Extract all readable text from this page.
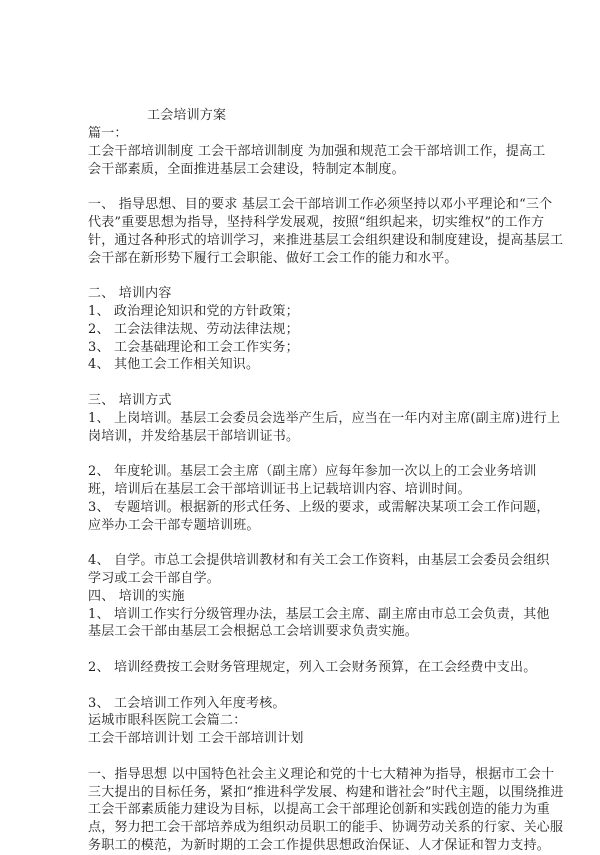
工会培训方案
篇一：
工会干部培训制度 工会干部培训制度 为加强和规范工会干部培训工作，提高工
会干部素质，全面推进基层工会建设，特制定本制度。
一、 指导思想、目的要求 基层工会干部培训工作必须坚持以邓小平理论和“三个
代表”重要思想为指导，坚持科学发展观，按照“组织起来，切实维权”的工作方
针，通过各种形式的培训学习，来推进基层工会组织建设和制度建设，提高基层工
会干部在新形势下履行工会职能、做好工会工作的能力和水平。
二、 培训内容
1、 政治理论知识和党的方针政策；
2、 工会法律法规、劳动法律法规；
3、 工会基础理论和工会工作实务；
4、 其他工会工作相关知识。
三、 培训方式
1、 上岗培训。基层工会委员会选举产生后，应当在一年内对主席(副主席)进行上
岗培训，并发给基层干部培训证书。
2、 年度轮训。基层工会主席（副主席）应每年参加一次以上的工会业务培训
班，培训后在基层工会干部培训证书上记载培训内容、培训时间。
3、 专题培训。根据新的形式任务、上级的要求，或需解决某项工会工作问题，
应举办工会干部专题培训班。
4、 自学。市总工会提供培训教材和有关工会工作资料，由基层工会委员会组织
学习或工会干部自学。
四、 培训的实施
1、 培训工作实行分级管理办法，基层工会主席、副主席由市总工会负责，其他
基层工会干部由基层工会根据总工会培训要求负责实施。
2、 培训经费按工会财务管理规定，列入工会财务预算，在工会经费中支出。
3、 工会培训工作列入年度考核。
运城市眼科医院工会篇二：
工会干部培训计划 工会干部培训计划
一、指导思想 以中国特色社会主义理论和党的十七大精神为指导，根据市工会十
三大提出的目标任务，紧扣“推进科学发展、构建和谐社会”时代主题，以围绕推进
工会干部素质能力建设为目标，以提高工会干部理论创新和实践创造的能力为重
点，努力把工会干部培养成为组织动员职工的能手、协调劳动关系的行家、关心服
务职工的模范，为新时期的工会工作提供思想政治保证、人才保证和智力支持。
